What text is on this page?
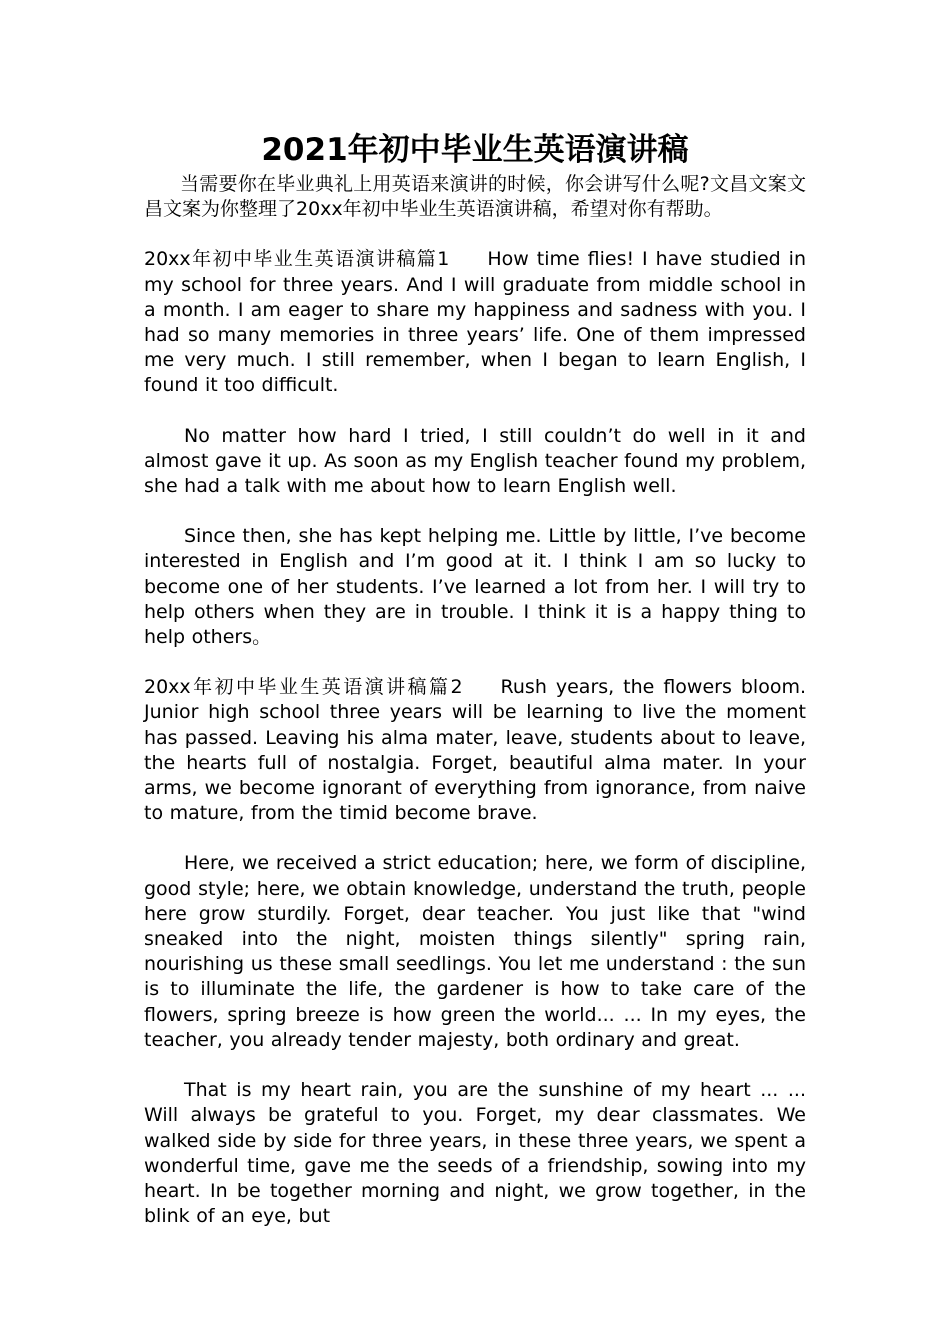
2021年初中毕业生英语演讲稿

当需要你在毕业典礼上用英语来演讲的时候，你会讲写什么呢?文昌文案文昌文案为你整理了20xx年初中毕业生英语演讲稿，希望对你有帮助。

20xx年初中毕业生英语演讲稿篇1 How time flies! I have studied in my school for three years. And I will graduate from middle school in a month. I am eager to share my happiness and sadness with you. I had so many memories in three years’ life. One of them impressed me very much. I still remember, when I began to learn English, I found it too difficult.

No matter how hard I tried, I still couldn’t do well in it and almost gave it up. As soon as my English teacher found my problem, she had a talk with me about how to learn English well.

Since then, she has kept helping me. Little by little, I’ve become interested in English and I’m good at it. I think I am so lucky to become one of her students. I’ve learned a lot from her. I will try to help others when they are in trouble. I think it is a happy thing to help others。

20xx年初中毕业生英语演讲稿篇2 Rush years, the flowers bloom. Junior high school three years will be learning to live the moment has passed. Leaving his alma mater, leave, students about to leave, the hearts full of nostalgia. Forget, beautiful alma mater. In your arms, we become ignorant of everything from ignorance, from naive to mature, from the timid become brave.

Here, we received a strict education; here, we form of discipline, good style; here, we obtain knowledge, understand the truth, people here grow sturdily. Forget, dear teacher. You just like that "wind sneaked into the night, moisten things silently" spring rain, nourishing us these small seedlings. You let me understand : the sun is to illuminate the life, the gardener is how to take care of the flowers, spring breeze is how green the world... ... In my eyes, the teacher, you already tender majesty, both ordinary and great.

That is my heart rain, you are the sunshine of my heart ... ... Will always be grateful to you. Forget, my dear classmates. We walked side by side for three years, in these three years, we spent a wonderful time, gave me the seeds of a friendship, sowing into my heart. In be together morning and night, we grow together, in the blink of an eye, but
